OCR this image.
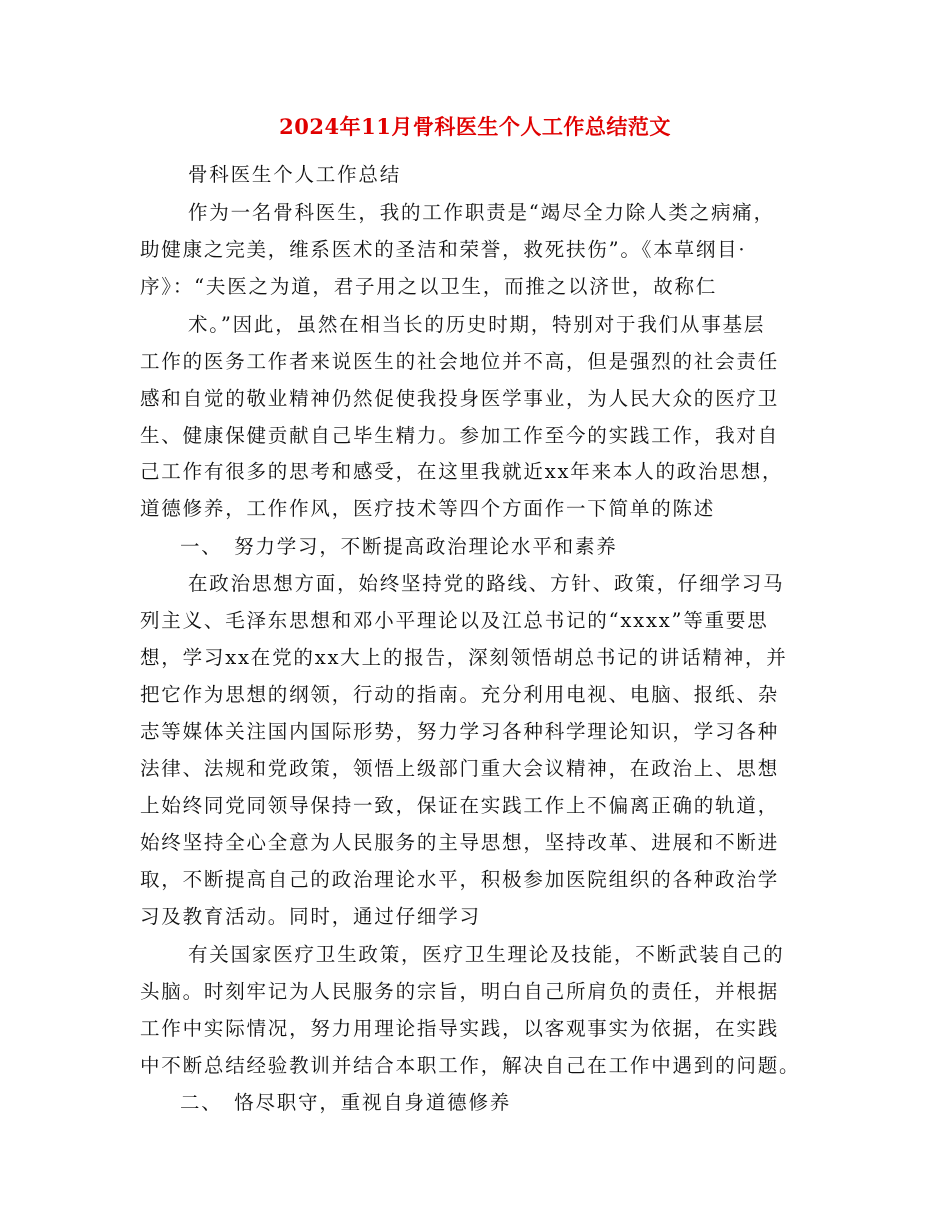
2024年11月骨科医生个人工作总结范文
骨科医生个人工作总结
作为一名骨科医生，我的工作职责是“竭尽全力除人类之病痛，
助健康之完美，维系医术的圣洁和荣誉，救死扶伤”。《本草纲目·
序》：“夫医之为道，君子用之以卫生，而推之以济世，故称仁
术。”因此，虽然在相当长的历史时期，特别对于我们从事基层
工作的医务工作者来说医生的社会地位并不高，但是强烈的社会责任
感和自觉的敬业精神仍然促使我投身医学事业，为人民大众的医疗卫
生、健康保健贡献自己毕生精力。参加工作至今的实践工作，我对自
己工作有很多的思考和感受，在这里我就近xx年来本人的政治思想，
道德修养，工作作风，医疗技术等四个方面作一下简单的陈述
一、　努力学习，不断提高政治理论水平和素养
在政治思想方面，始终坚持党的路线、方针、政策，仔细学习马
列主义、毛泽东思想和邓小平理论以及江总书记的“xxxx”等重要思
想，学习xx在党的xx大上的报告，深刻领悟胡总书记的讲话精神，并
把它作为思想的纲领，行动的指南。充分利用电视、电脑、报纸、杂
志等媒体关注国内国际形势，努力学习各种科学理论知识，学习各种
法律、法规和党政策，领悟上级部门重大会议精神，在政治上、思想
上始终同党同领导保持一致，保证在实践工作上不偏离正确的轨道，
始终坚持全心全意为人民服务的主导思想，坚持改革、进展和不断进
取，不断提高自己的政治理论水平，积极参加医院组织的各种政治学
习及教育活动。同时，通过仔细学习
有关国家医疗卫生政策，医疗卫生理论及技能，不断武装自己的
头脑。时刻牢记为人民服务的宗旨，明白自己所肩负的责任，并根据
工作中实际情况，努力用理论指导实践，以客观事实为依据，在实践
中不断总结经验教训并结合本职工作，解决自己在工作中遇到的问题。
二、　恪尽职守，重视自身道德修养
